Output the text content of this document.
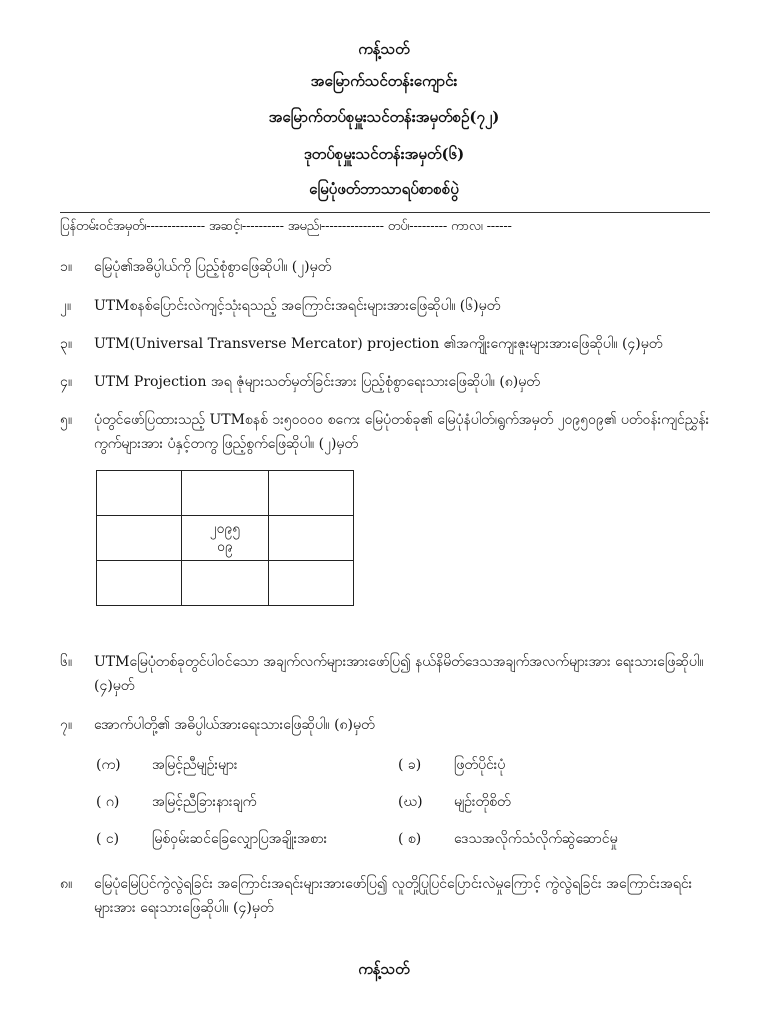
ကန့်သတ်
အမြောက်သင်တန်းကျောင်း
အမြောက်တပ်စုမှူးသင်တန်းအမှတ်စဉ်(၇၂)
ဒုတပ်စုမှူးသင်တန်းအမှတ်(၆)
မြေပုံဖတ်ဘာသာရပ်စာစစ်ပွဲ
ပြန်တမ်းဝင်အမှတ်၊-------------- အဆင့်၊---------- အမည်၊--------------- တပ်၊--------- ကာလ၊ ------
၁။	မြေပုံ၏အဓိပ္ပါယ်ကို ပြည့်စုံစွာဖြေဆိုပါ။ (၂)မှတ်
၂။	UTMစနစ်ပြောင်းလဲကျင့်သုံးရသည့် အကြောင်းအရင်းများအားဖြေဆိုပါ။ (၆)မှတ်
၃။	UTM(Universal Transverse Mercator) projection ၏အကျိုးကျေးဇူးများအားဖြေဆိုပါ။ (၄)မှတ်
၄။	UTM Projection အရ ဇုံများသတ်မှတ်ခြင်းအား ပြည့်စုံစွာရေးသားဖြေဆိုပါ။ (၈)မှတ်
၅။	ပုံတွင်ဖော်ပြထားသည့် UTMစနစ် ၁း၅၀၀၀၀ စကေး မြေပုံတစ်ခု၏ မြေပုံနံပါတ်၊ရွက်အမှတ် ၂၀၉၅၀၉၏ ပတ်ဝန်းကျင်ညွှန်းကွက်များအား ပံနှင့်တကွ ဖြည့်စွက်ဖြေဆိုပါ။ (၂)မှတ်

	၂၀၉၅
၀၉	

၆။	UTMမြေပုံတစ်ခုတွင်ပါဝင်သော အချက်လက်များအားဖော်ပြ၍ နယ်နိမိတ်ဒေသအချက်အလက်များအား ရေးသားဖြေဆိုပါ။ (၄)မှတ်
၇။	အောက်ပါတို့၏ အဓိပ္ပါယ်အားရေးသားဖြေဆိုပါ။ (၈)မှတ်
(က) အမြင့်ညီမျဉ်းများ	( ခ) ဖြတ်ပိုင်းပုံ
( ဂ) အမြင့်ညီခြားနားချက်	(ဃ) မျဉ်းတိုစိတ်
( င) မြစ်ဝှမ်းဆင်ခြေလျှောပြအချိုးအစား	( စ) ဒေသအလိုက်သံလိုက်ဆွဲဆောင်မှု
၈။	မြေပုံမြေပြင်ကွဲလွဲရခြင်း အကြောင်းအရင်းများအားဖော်ပြ၍ လူတို့ပြုပြင်ပြောင်းလဲမှုကြောင့် ကွဲလွဲရခြင်း အကြောင်းအရင်းများအား ရေးသားဖြေဆိုပါ။ (၄)မှတ်
ကန့်သတ်
